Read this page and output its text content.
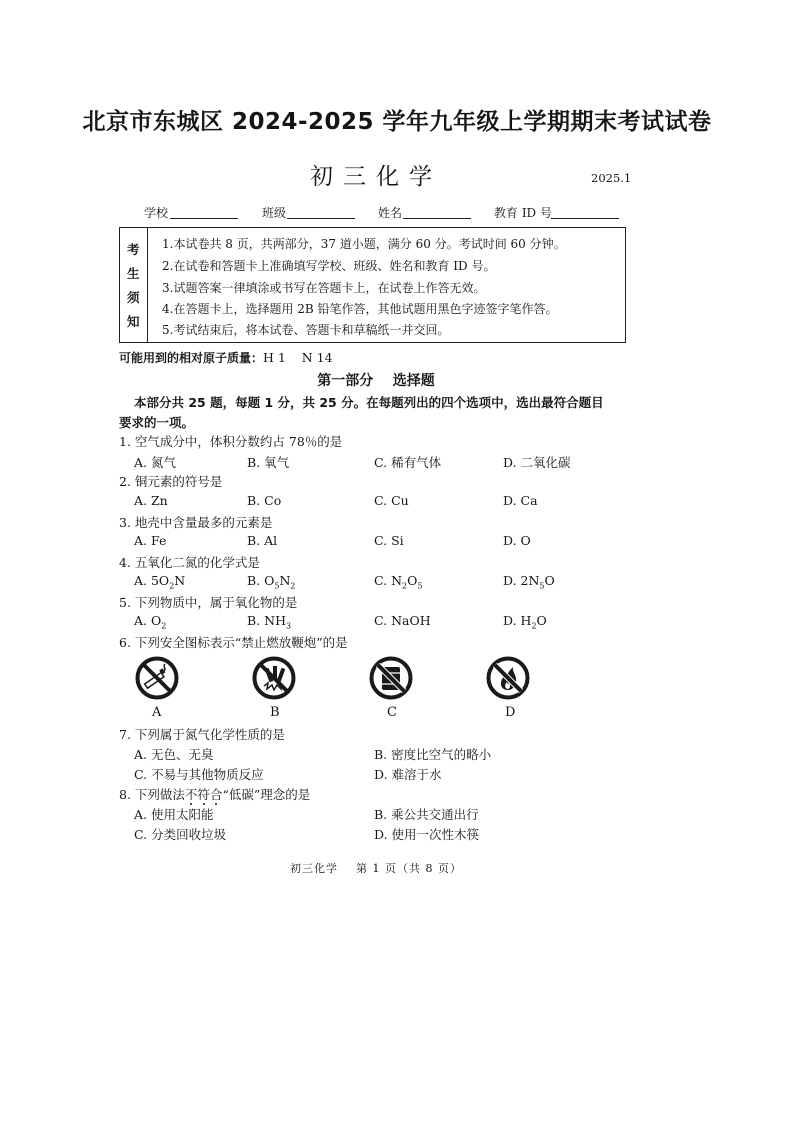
北京市东城区 2024-2025 学年九年级上学期期末考试试卷
初三化学	2025.1
学校	班级	姓名	教育 ID 号
考
生
须
知
1.本试卷共 8 页，共两部分，37 道小题，满分 60 分。考试时间 60 分钟。
2.在试卷和答题卡上准确填写学校、班级、姓名和教育 ID 号。
3.试题答案一律填涂或书写在答题卡上，在试卷上作答无效。
4.在答题卡上，选择题用 2B 铅笔作答，其他试题用黑色字迹签字笔作答。
5.考试结束后，将本试卷、答题卡和草稿纸一并交回。
可能用到的相对原子质量：H 1    N 14
第一部分    选择题
本部分共 25 题，每题 1 分，共 25 分。在每题列出的四个选项中，选出最符合题目
要求的一项。
1. 空气成分中，体积分数约占 78％的是
A. 氮气	B. 氧气	C. 稀有气体	D. 二氧化碳
2. 铜元素的符号是
A. Zn	B. Co	C. Cu	D. Ca
3. 地壳中含量最多的元素是
A. Fe	B. Al	C. Si	D. O
4. 五氧化二氮的化学式是
A. $5O_2N$	B. $O_5N_2$	C. $N_2O_5$	D. $2N_5O$
5. 下列物质中，属于氧化物的是
A. $O_2$	B. $NH_3$	C. NaOH	D. $H_2O$
6. 下列安全图标表示“禁止燃放鞭炮”的是
A	B	C	D
7. 下列属于氮气化学性质的是
A. 无色、无臭	B. 密度比空气的略小
C. 不易与其他物质反应	D. 难溶于水
8. 下列做法不符合“低碳”理念的是
A. 使用太阳能	B. 乘公共交通出行
C. 分类回收垃圾	D. 使用一次性木筷
初三化学    第 1 页（共 8 页）
